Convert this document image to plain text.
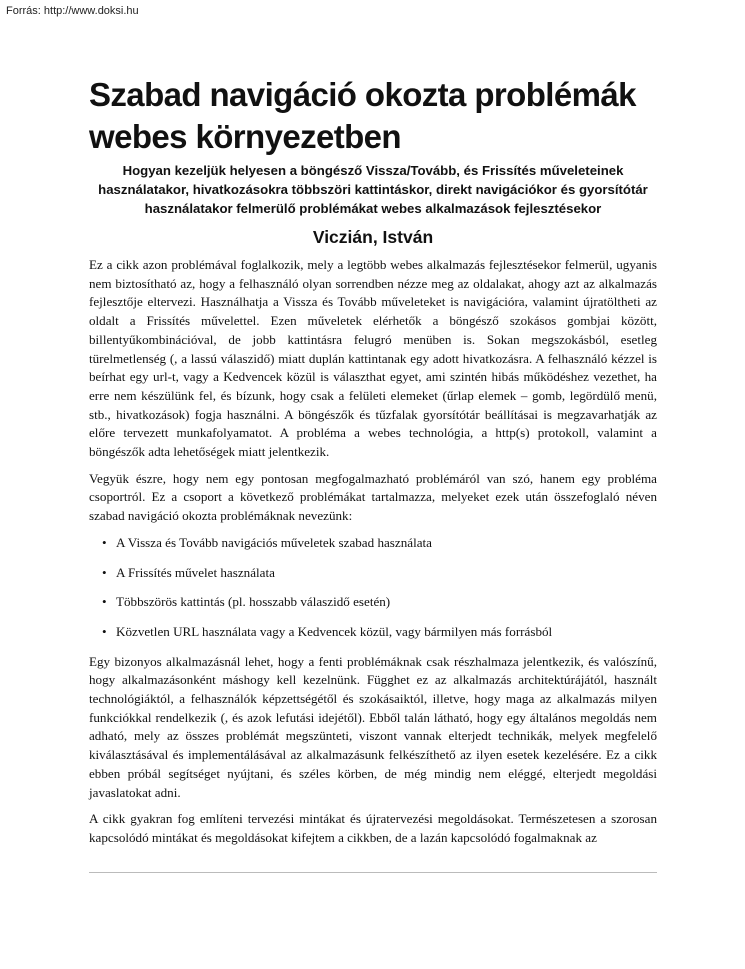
Forrás: http://www.doksi.hu
Szabad navigáció okozta problémák
webes környezetben
Hogyan kezeljük helyesen a böngésző Vissza/Tovább, és Frissítés műveleteinek használatakor, hivatkozásokra többszöri kattintáskor, direkt navigációkor és gyorsítótár használatakor felmerülő problémákat webes alkalmazások fejlesztésekor
Viczián, István

Ez a cikk azon problémával foglalkozik, mely a legtöbb webes alkalmazás fejlesztésekor felmerül, ugyanis nem biztosítható az, hogy a felhasználó olyan sorrendben nézze meg az oldalakat, ahogy azt az alkalmazás fejlesztője eltervezi. Használhatja a Vissza és Tovább műveleteket is navigációra, valamint újratöltheti az oldalt a Frissítés művelettel. Ezen műveletek elérhetők a böngésző szokásos gombjai között, billentyűkombinációval, de jobb kattintásra felugró menüben is. Sokan megszokásból, esetleg türelmetlenség (, a lassú válaszidő) miatt duplán kattintanak egy adott hivatkozásra. A felhasználó kézzel is beírhat egy url-t, vagy a Kedvencek közül is választhat egyet, ami szintén hibás működéshez vezethet, ha erre nem készülünk fel, és bízunk, hogy csak a felületi elemeket (űrlap elemek – gomb, legördülő menü, stb., hivatkozások) fogja használni. A böngészők és tűzfalak gyorsítótár beállításai is megzavarhatják az előre tervezett munkafolyamatot. A probléma a webes technológia, a http(s) protokoll, valamint a böngészők adta lehetőségek miatt jelentkezik.

Vegyük észre, hogy nem egy pontosan megfogalmazható problémáról van szó, hanem egy probléma csoportról. Ez a csoport a következő problémákat tartalmazza, melyeket ezek után összefoglaló néven szabad navigáció okozta problémáknak nevezünk:

• A Vissza és Tovább navigációs műveletek szabad használata
• A Frissítés művelet használata
• Többszörös kattintás (pl. hosszabb válaszidő esetén)
• Közvetlen URL használata vagy a Kedvencek közül, vagy bármilyen más forrásból

Egy bizonyos alkalmazásnál lehet, hogy a fenti problémáknak csak részhalmaza jelentkezik, és valószínű, hogy alkalmazásonként máshogy kell kezelnünk. Függhet ez az alkalmazás architektúrájától, használt technológiáktól, a felhasználók képzettségétől és szokásaiktól, illetve, hogy maga az alkalmazás milyen funkciókkal rendelkezik (, és azok lefutási idejétől). Ebből talán látható, hogy egy általános megoldás nem adható, mely az összes problémát megszünteti, viszont vannak elterjedt technikák, melyek megfelelő kiválasztásával és implementálásával az alkalmazásunk felkészíthető az ilyen esetek kezelésére. Ez a cikk ebben próbál segítséget nyújtani, és széles körben, de még mindig nem eléggé, elterjedt megoldási javaslatokat adni.

A cikk gyakran fog említeni tervezési mintákat és újratervezési megoldásokat. Természetesen a szorosan kapcsolódó mintákat és megoldásokat kifejtem a cikkben, de a lazán kapcsolódó fogalmaknak az
